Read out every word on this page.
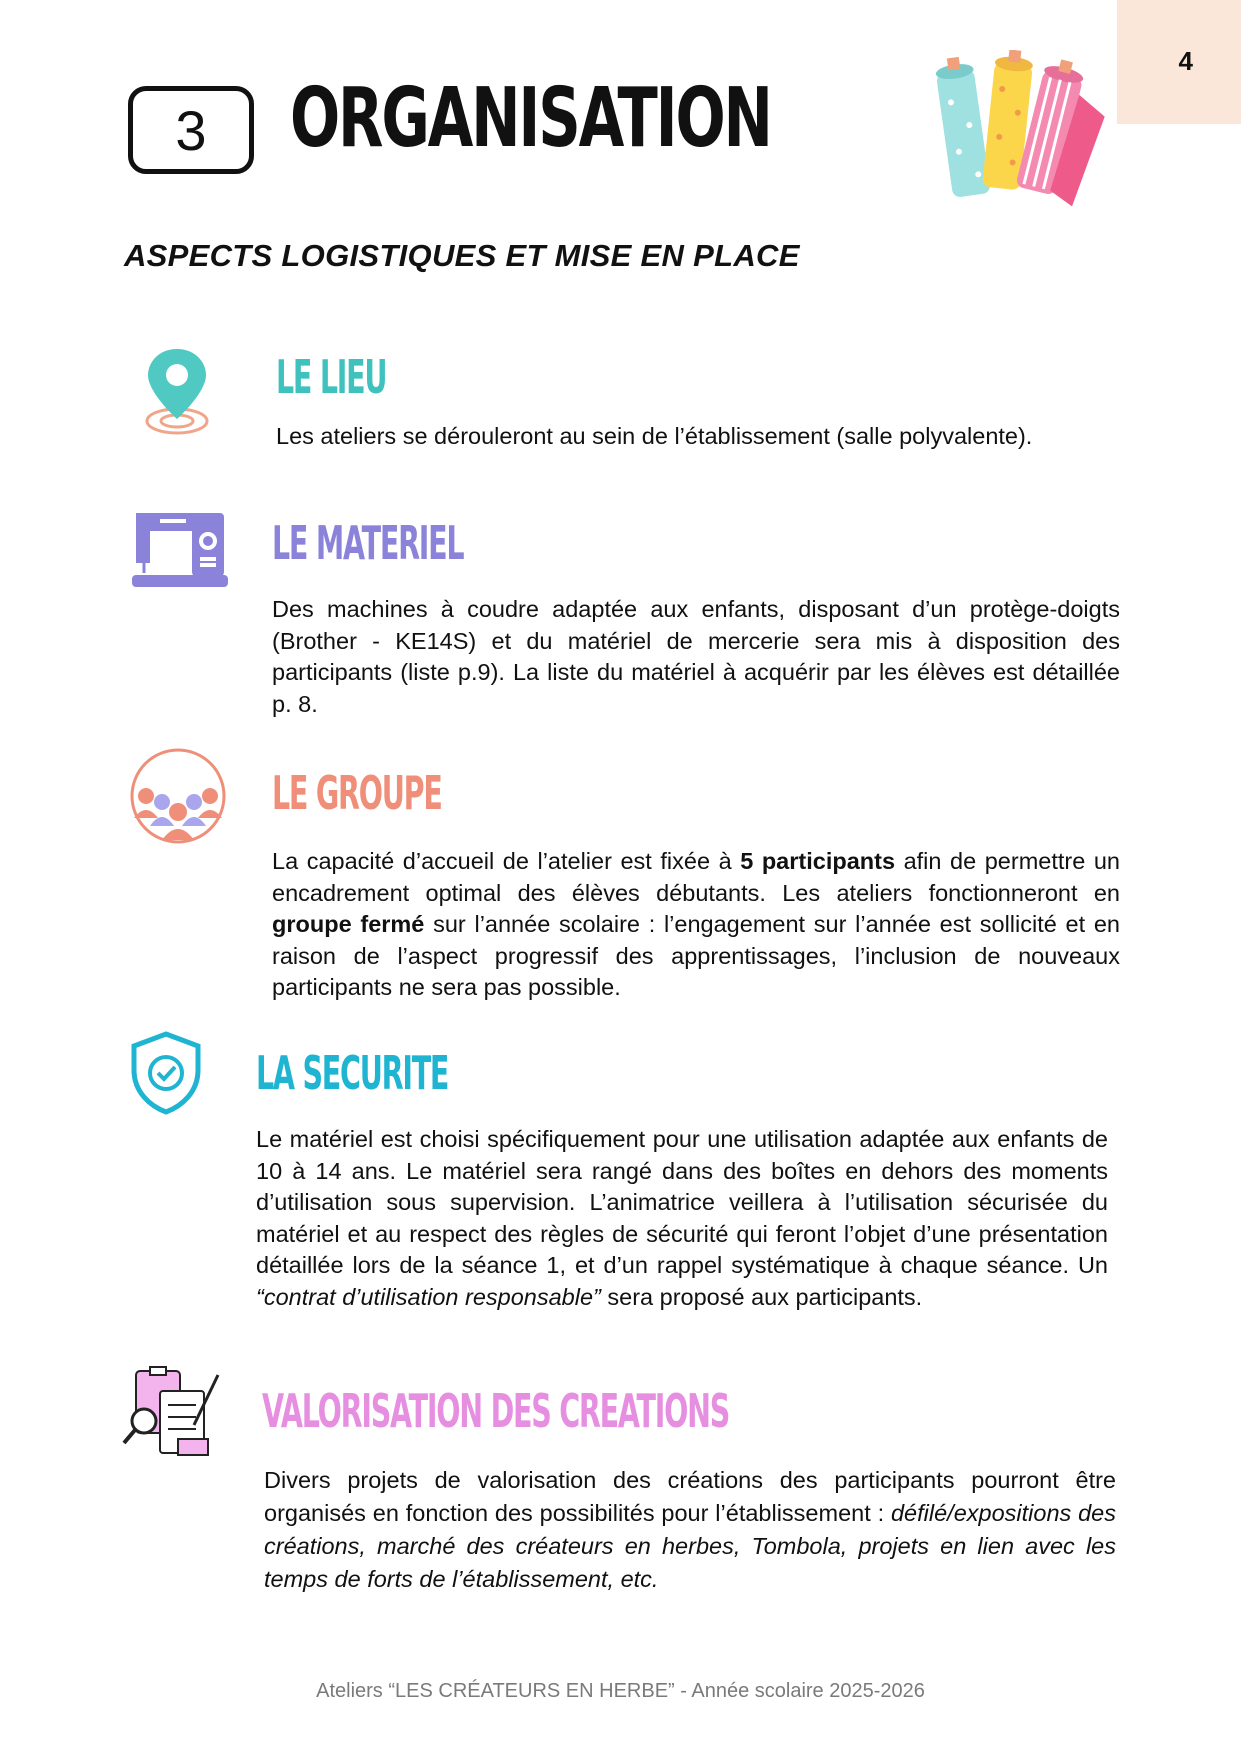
4
3 ORGANISATION
ASPECTS LOGISTIQUES ET MISE EN PLACE
LE LIEU
Les ateliers se dérouleront au sein de l’établissement (salle polyvalente).
LE MATERIEL
Des machines à coudre adaptée aux enfants, disposant d’un protège-doigts (Brother - KE14S) et du matériel de mercerie sera mis à disposition des participants (liste p.9). La liste du matériel à acquérir par les élèves est détaillée p. 8.
LE GROUPE
La capacité d’accueil de l’atelier est fixée à 5 participants afin de permettre un encadrement optimal des élèves débutants. Les ateliers fonctionneront en groupe fermé sur l’année scolaire : l’engagement sur l’année est sollicité et en raison de l’aspect progressif des apprentissages, l’inclusion de nouveaux participants ne sera pas possible.
LA SECURITE
Le matériel est choisi spécifiquement pour une utilisation adaptée aux enfants de 10 à 14 ans. Le matériel sera rangé dans des boîtes en dehors des moments d’utilisation sous supervision. L’animatrice veillera à l’utilisation sécurisée du matériel et au respect des règles de sécurité qui feront l’objet d’une présentation détaillée lors de la séance 1, et d’un rappel systématique à chaque séance. Un “contrat d’utilisation responsable” sera proposé aux participants.
VALORISATION DES CREATIONS
Divers projets de valorisation des créations des participants pourront être organisés en fonction des possibilités pour l’établissement : défilé/expositions des créations, marché des créateurs en herbes, Tombola, projets en lien avec les temps de forts de l’établissement, etc.
Ateliers “LES CRÉATEURS EN HERBE” - Année scolaire 2025-2026
